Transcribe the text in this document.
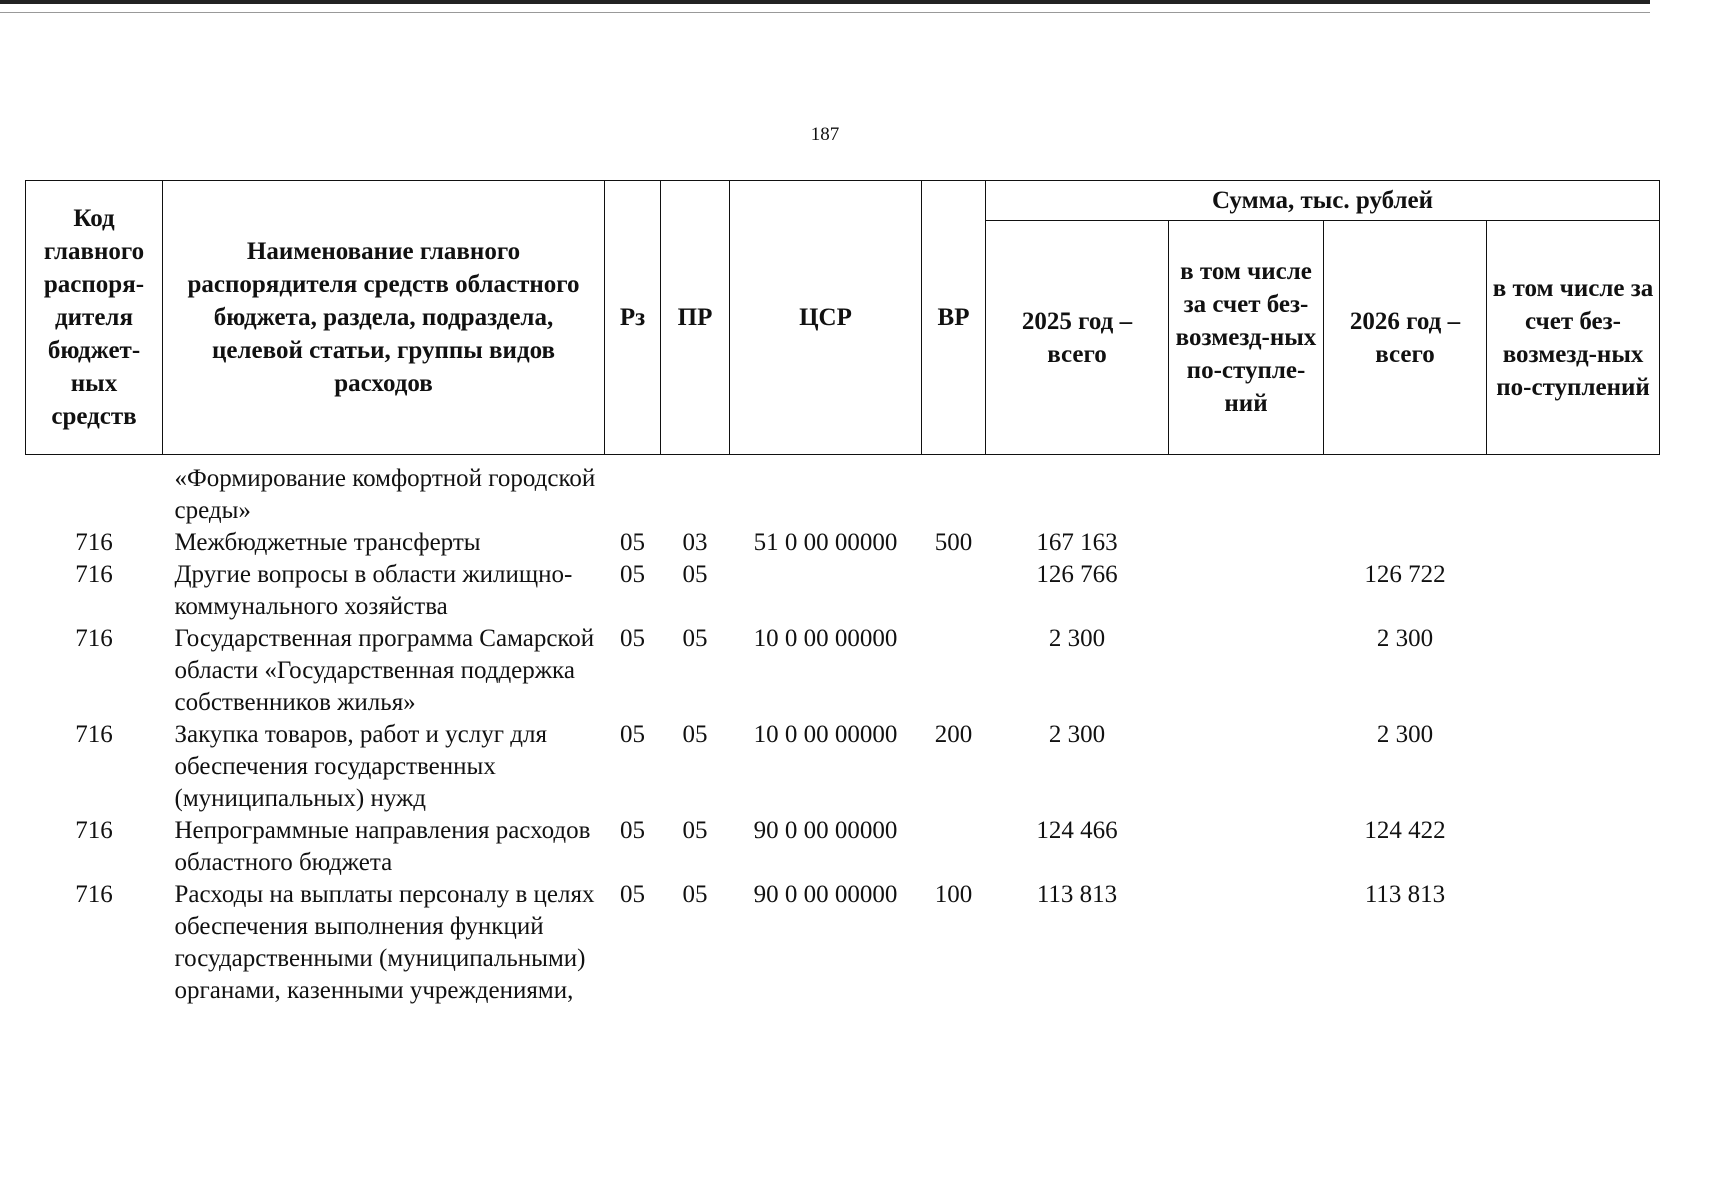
187
Код главного распоря-дителя бюджет-ных средств	Наименование главного распорядителя средств областного бюджета, раздела, подраздела, целевой статьи, группы видов расходов	Рз	ПР	ЦСР	ВР	Сумма, тыс. рублей			
						2025 год – всего	в том числе за счет без-возмезд-ных по-ступле-ний	2026 год – всего	в том числе за счет без-возмезд-ных по-ступлений

	«Формирование комфортной городской среды»								
716	Межбюджетные трансферты	05	03	51 0 00 00000	500	167 163			
716	Другие вопросы в области жилищно-коммунального хозяйства	05	05			126 766		126 722	
716	Государственная программа Самарской области «Государственная поддержка собственников жилья»	05	05	10 0 00 00000		2 300		2 300	
716	Закупка товаров, работ и услуг для обеспечения государственных (муниципальных) нужд	05	05	10 0 00 00000	200	2 300		2 300	
716	Непрограммные направления расходов областного бюджета	05	05	90 0 00 00000		124 466		124 422	
716	Расходы на выплаты персоналу в целях обеспечения выполнения функций государственными (муниципальными) органами, казенными учреждениями,	05	05	90 0 00 00000	100	113 813		113 813	
